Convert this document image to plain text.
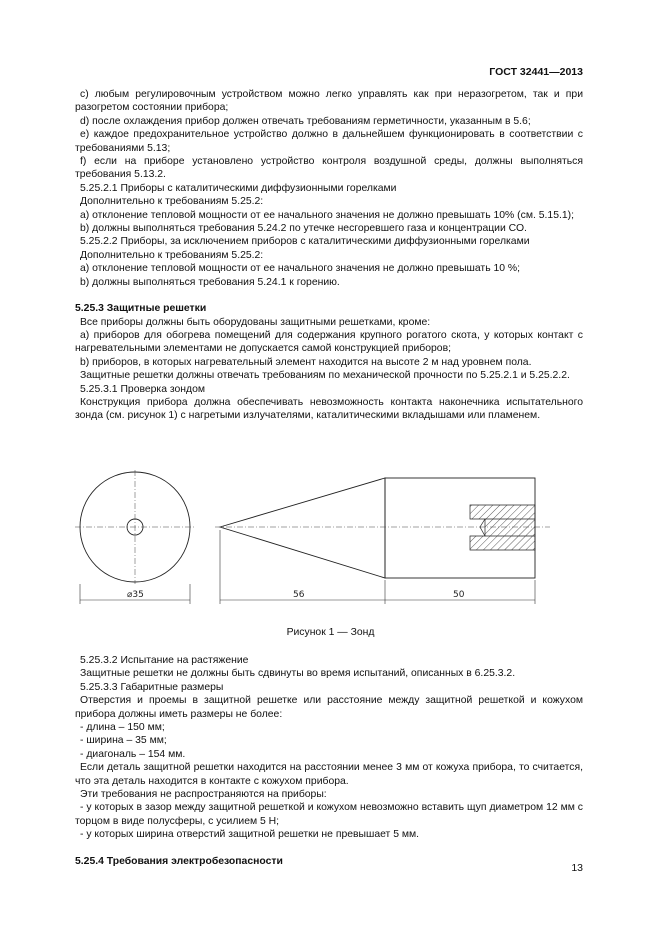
ГОСТ 32441—2013

с) любым регулировочным устройством можно легко управлять как при неразогретом, так и при разогретом состоянии прибора;

d) после охлаждения прибор должен отвечать требованиям герметичности, указанным в 5.6;

е) каждое предохранительное устройство должно в дальнейшем функционировать в соответствии с требованиями 5.13;

f) если на приборе установлено устройство контроля воздушной среды, должны выполняться требования 5.13.2.

5.25.2.1 Приборы с каталитическими диффузионными горелками

Дополнительно к требованиям 5.25.2:

а) отклонение тепловой мощности от ее начального значения не должно превышать 10% (см. 5.15.1);

b) должны выполняться требования 5.24.2 по утечке несгоревшего газа и концентрации СО.

5.25.2.2 Приборы, за исключением приборов с каталитическими диффузионными горелками

Дополнительно к требованиям 5.25.2:

а) отклонение тепловой мощности от ее начального значения не должно превышать 10 %;

b) должны выполняться требования 5.24.1 к горению.

5.25.3 Защитные решетки

Все приборы должны быть оборудованы защитными решетками, кроме:

а) приборов для обогрева помещений для содержания крупного рогатого скота, у которых контакт с нагревательными элементами не допускается самой конструкцией приборов;

b) приборов, в которых нагревательный элемент находится на высоте 2 м над уровнем пола.

Защитные решетки должны отвечать требованиям по механической прочности по 5.25.2.1 и 5.25.2.2.

5.25.3.1 Проверка зондом

Конструкция прибора должна обеспечивать невозможность контакта наконечника испытательного зонда (см. рисунок 1) с нагретыми излучателями, каталитическими вкладышами или пламенем.

⌀35	56	50
Рисунок 1 — Зонд

5.25.3.2 Испытание на растяжение

Защитные решетки не должны быть сдвинуты во время испытаний, описанных в 6.25.3.2.

5.25.3.3 Габаритные размеры

Отверстия и проемы в защитной решетке или расстояние между защитной решеткой и кожухом прибора должны иметь размеры не более:

- длина – 150 мм;

- ширина – 35 мм;

- диагональ – 154 мм.

Если деталь защитной решетки находится на расстоянии менее 3 мм от кожуха прибора, то считается, что эта деталь находится в контакте с кожухом прибора.

Эти требования не распространяются на приборы:

- у которых в зазор между защитной решеткой и кожухом невозможно вставить щуп диаметром 12 мм с торцом в виде полусферы, с усилием 5 Н;

- у которых ширина отверстий защитной решетки не превышает 5 мм.

5.25.4 Требования электробезопасности

13
